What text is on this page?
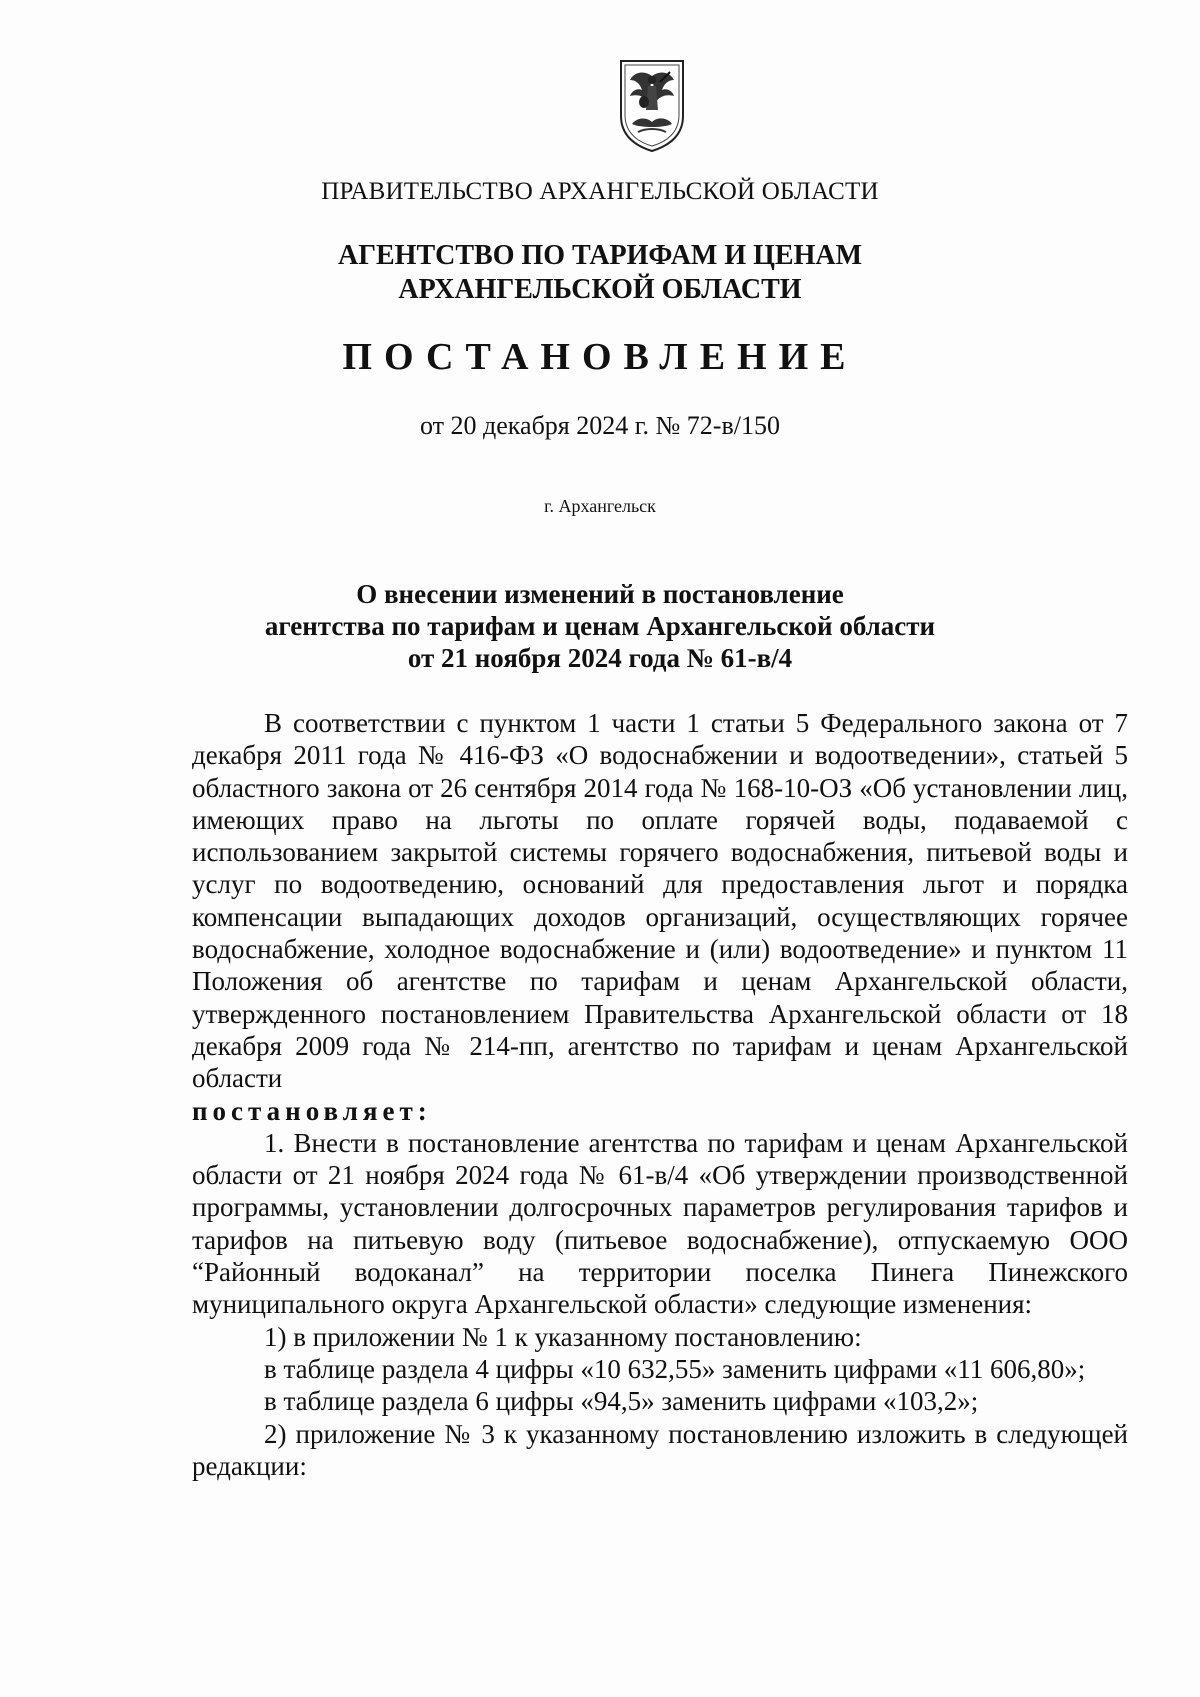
ПРАВИТЕЛЬСТВО АРХАНГЕЛЬСКОЙ ОБЛАСТИ
АГЕНТСТВО ПО ТАРИФАМ И ЦЕНАМ
АРХАНГЕЛЬСКОЙ ОБЛАСТИ
ПОСТАНОВЛЕНИЕ
от 20 декабря 2024 г. № 72-в/150
г. Архангельск
О внесении изменений в постановление
агентства по тарифам и ценам Архангельской области
от 21 ноября 2024 года № 61-в/4

В соответствии с пунктом 1 части 1 статьи 5 Федерального закона от 7 декабря 2011 года № 416-ФЗ «О водоснабжении и водоотведении», статьей 5 областного закона от 26 сентября 2014 года № 168-10-ОЗ «Об установлении лиц, имеющих право на льготы по оплате горячей воды, подаваемой с использованием закрытой системы горячего водоснабжения, питьевой воды и услуг по водоотведению, оснований для предоставления льгот и порядка компенсации выпадающих доходов организаций, осуществляющих горячее водоснабжение, холодное водоснабжение и (или) водоотведение» и пунктом 11 Положения об агентстве по тарифам и ценам Архангельской области, утвержденного постановлением Правительства Архангельской области от 18 декабря 2009 года № 214-пп, агентство по тарифам и ценам Архангельской области

постановляет:

1. Внести в постановление агентства по тарифам и ценам Архангельской области от 21 ноября 2024 года № 61-в/4 «Об утверждении производственной программы, установлении долгосрочных параметров регулирования тарифов и тарифов на питьевую воду (питьевое водоснабжение), отпускаемую ООО “Районный водоканал” на территории поселка Пинега Пинежского муниципального округа Архангельской области» следующие изменения:

1) в приложении № 1 к указанному постановлению:

в таблице раздела 4 цифры «10 632,55» заменить цифрами «11 606,80»;

в таблице раздела 6 цифры «94,5» заменить цифрами «103,2»;

2) приложение № 3 к указанному постановлению изложить в следующей редакции:
